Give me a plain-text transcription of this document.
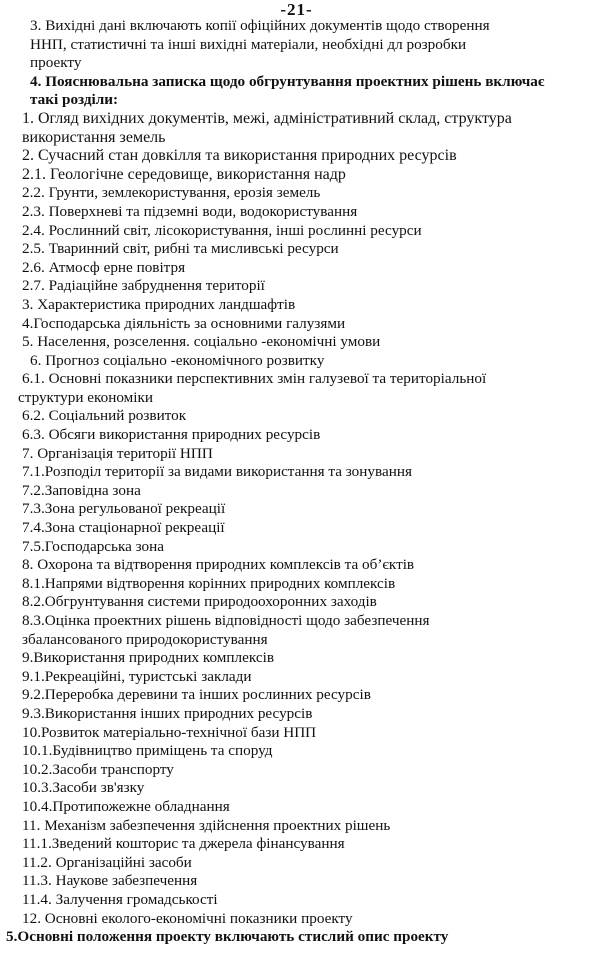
-21-
3. Вихідні дані включають копії офіційних документів щодо створення
ННП, статистичні та інші вихідні матеріали, необхідні дл розробки
проекту
4. Пояснювальна записка щодо обгрунтування проектних рішень включає
такі розділи:
1. Огляд вихідних документів, межі, адміністративний склад, структура
використання земель
2. Сучасний стан довкілля та використання природних ресурсів
2.1. Геологічне середовище, використання надр
2.2. Грунти, землекористування, ерозія земель
2.3. Поверхневі та підземні води, водокористування
2.4. Рослинний світ, лісокористування, інші рослинні ресурси
2.5. Тваринний світ, рибні та мисливські ресурси
2.6. Атмосф ерне повітря
2.7. Радіаційне забруднення території
3. Характеристика природних ландшафтів
4.Господарська діяльність за основними галузями
5. Населення, розселення. соціально -економічні умови
6. Прогноз соціально -економічного розвитку
6.1. Основні показники перспективних змін галузевої та територіальної
структури економіки
6.2. Соціальний розвиток
6.3. Обсяги використання природних ресурсів
7. Організація території НПП
7.1.Розподіл території за видами використання та зонування
7.2.Заповідна зона
7.3.Зона регульованої рекреації
7.4.Зона стаціонарної рекреації
7.5.Господарська зона
8. Охорона та відтворення природних комплексів та об’єктів
8.1.Напрями відтворення корінних природних комплексів
8.2.Обгрунтування системи природоохоронних заходів
8.3.Оцінка проектних рішень відповідності щодо забезпечення
збалансованого природокористування
9.Використання природних комплексів
9.1.Рекреаційні, туристські заклади
9.2.Переробка деревини та інших рослинних ресурсів
9.3.Використання інших природних ресурсів
10.Розвиток матеріально-технічної бази НПП
10.1.Будівництво приміщень та споруд
10.2.Засоби транспорту
10.3.Засоби зв'язку
10.4.Протипожежне обладнання
11. Механізм забезпечення здійснення проектних рішень
11.1.Зведений кошторис та джерела фінансування
11.2. Організаційні засоби
11.3. Наукове забезпечення
11.4. Залучення громадськості
12. Основні еколого-економічні показники проекту
5.Основні положення проекту включають стислий опис проекту
